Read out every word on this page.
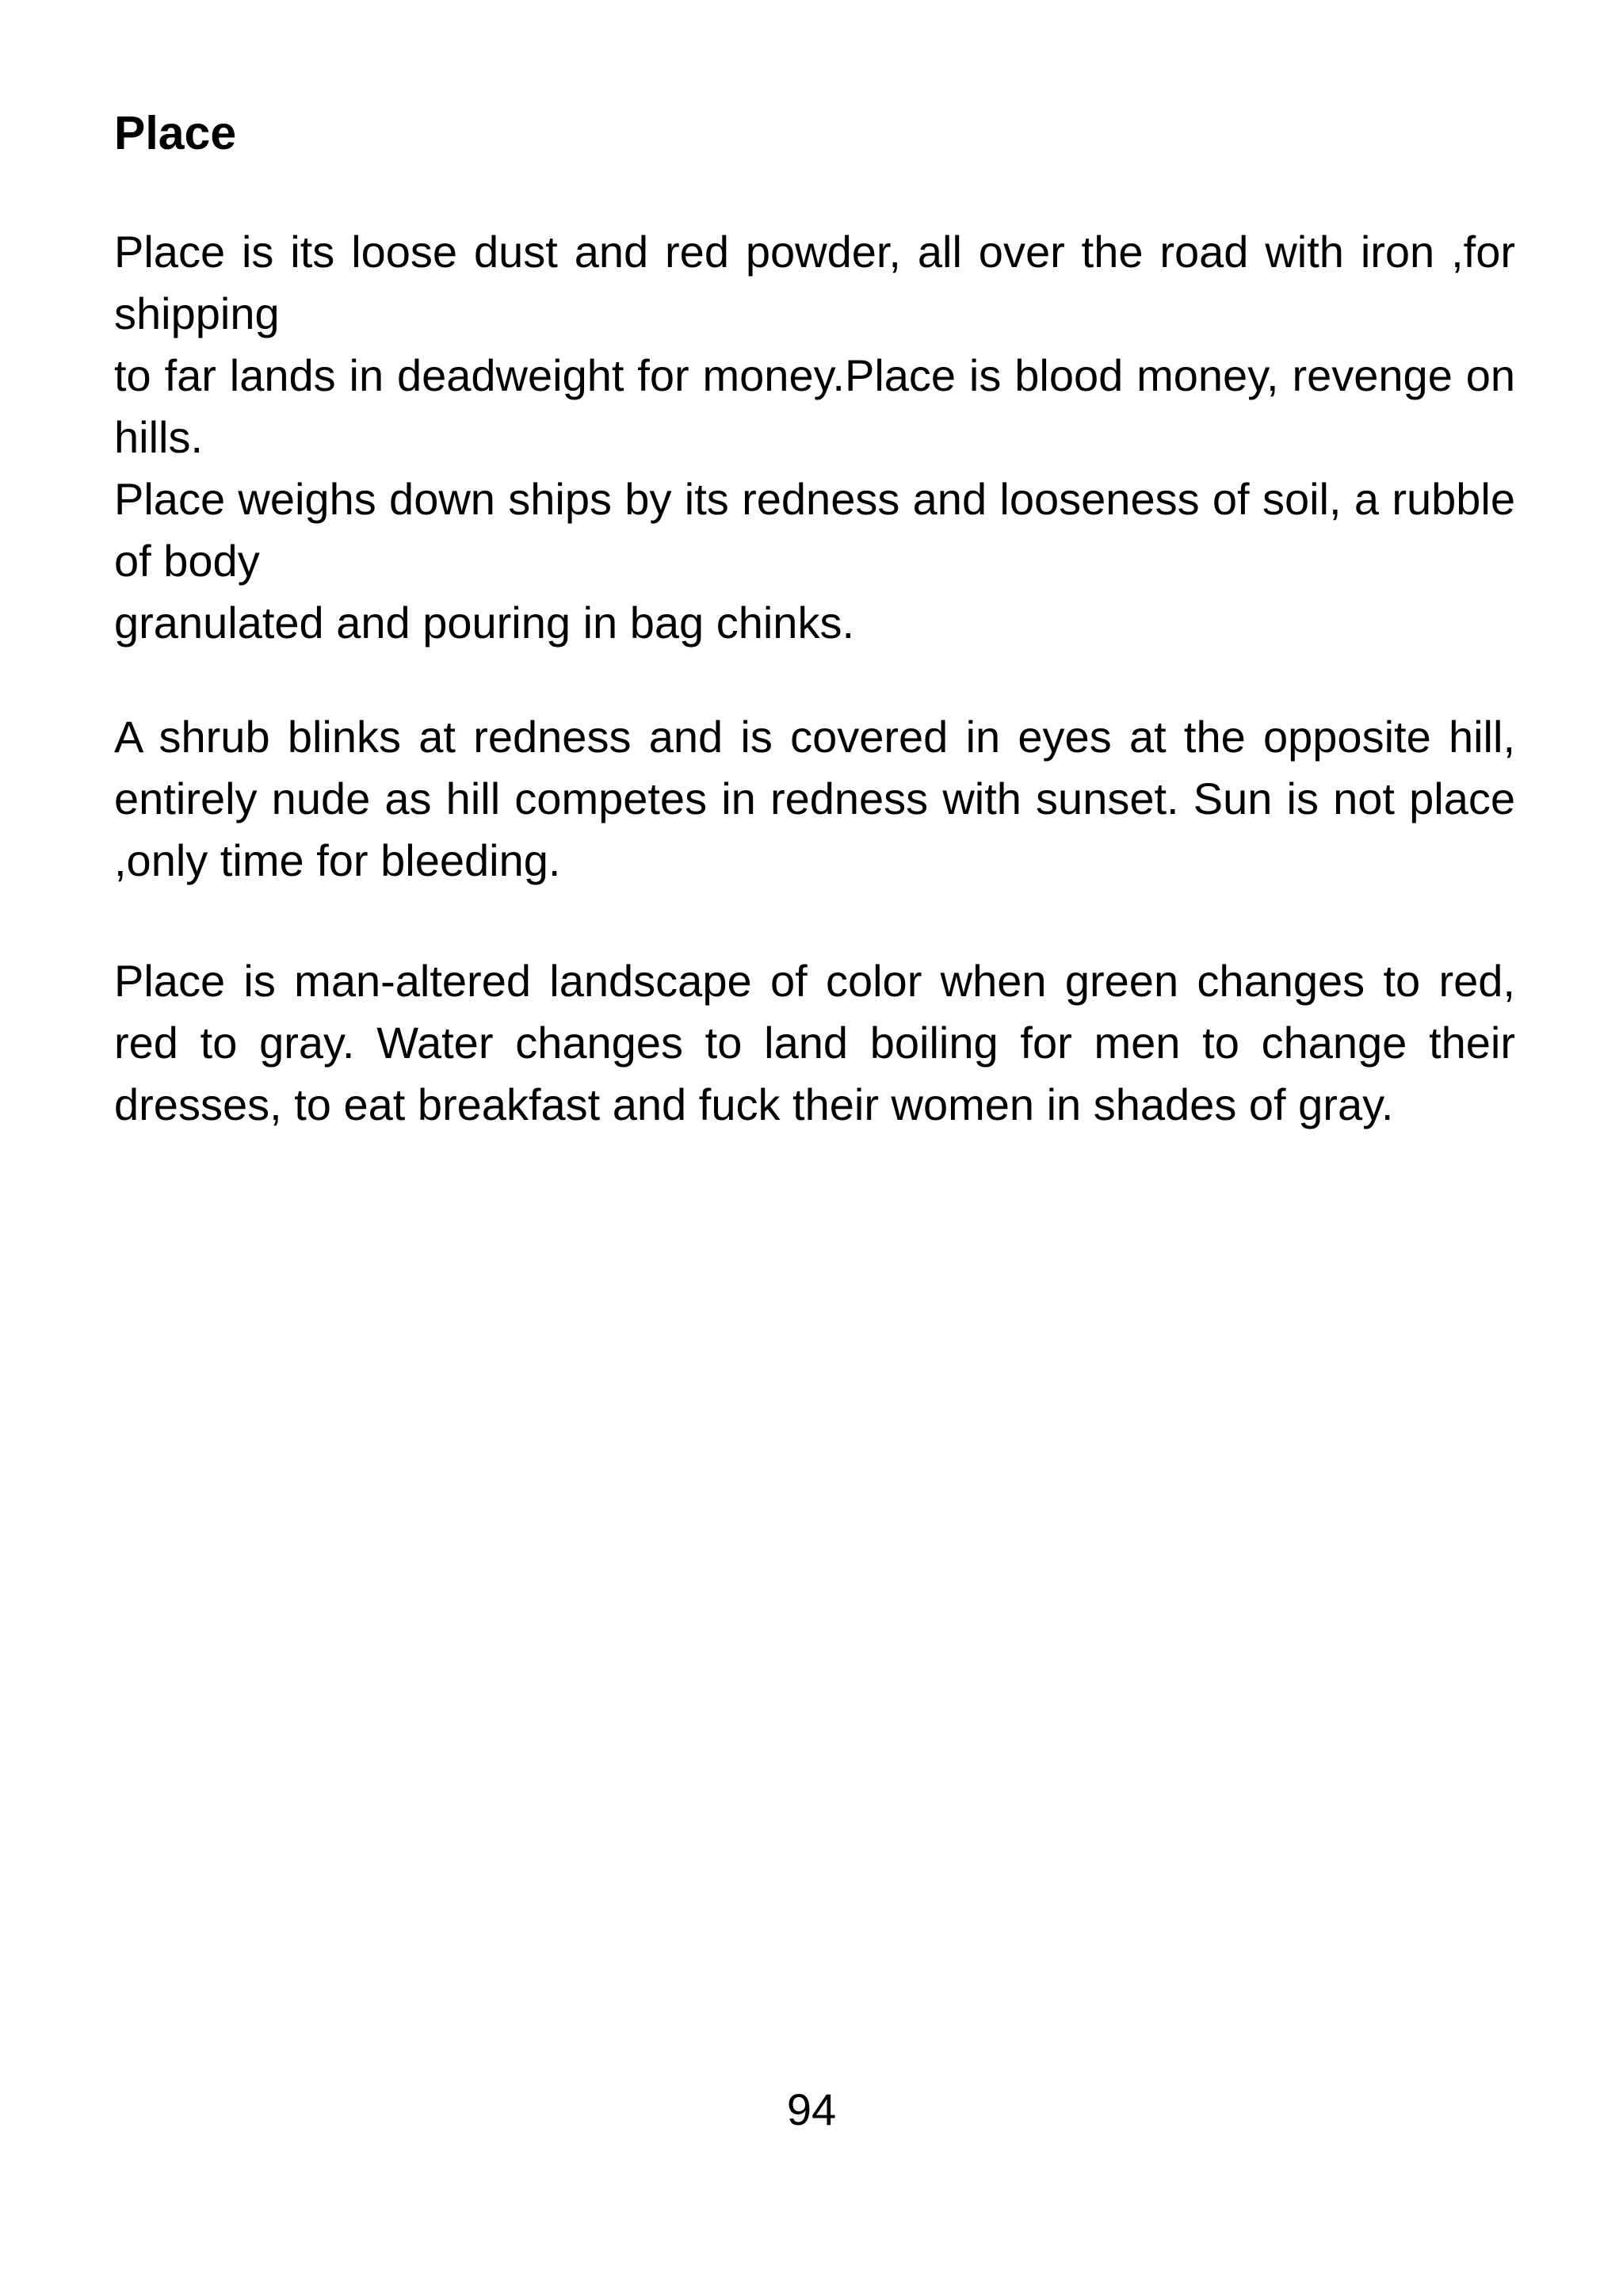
Place

Place is its loose dust and red powder, all over the road with iron ,for shipping
to far lands in deadweight for money.Place is blood money, revenge on hills.
Place weighs down ships by its redness and looseness of soil, a rubble of body
granulated and pouring in bag chinks.

A shrub blinks at redness and is covered in eyes at the opposite hill, entirely nude as hill competes in redness with sunset. Sun is not place ,only time for bleeding.

Place is man-altered landscape of color when green changes to red, red to gray. Water changes to land boiling for men to change their dresses, to eat breakfast and fuck their women in shades of gray.

94
